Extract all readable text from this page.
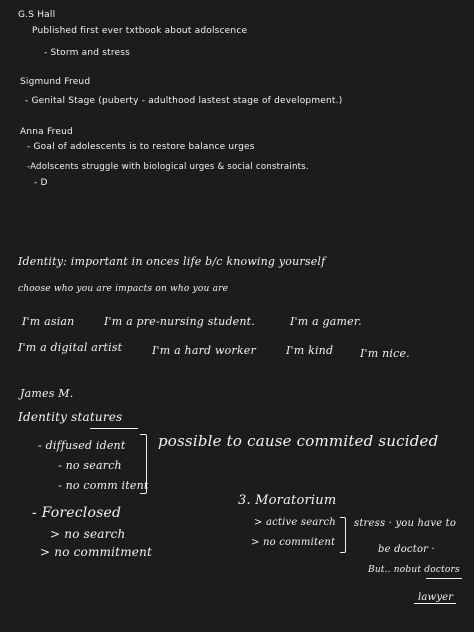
G.S Hall
Published first ever txtbook about adolscence
- Storm and stress
Sigmund Freud
- Genital Stage (puberty - adulthood lastest stage of development.)
Anna Freud
- Goal of adolescents is to restore balance urges
-Adolscents struggle with biological urges & social constraints.
- D
Identity: important in onces life b/c knowing yourself
choose who you are impacts on who you are
I'm asian	I'm a pre-nursing student.	I'm a gamer.
I'm a digital artist	I'm a hard worker	I'm kind I'm nice.
James M.
Identity statures
- diffused ident
- no search
- no comm itent
possible to cause commited sucided
- Foreclosed
> no search
> no commitment
3. Moratorium
> active search
> no commitent
stress · you have to
be doctor ·
But.. nobut doctors
lawyer
